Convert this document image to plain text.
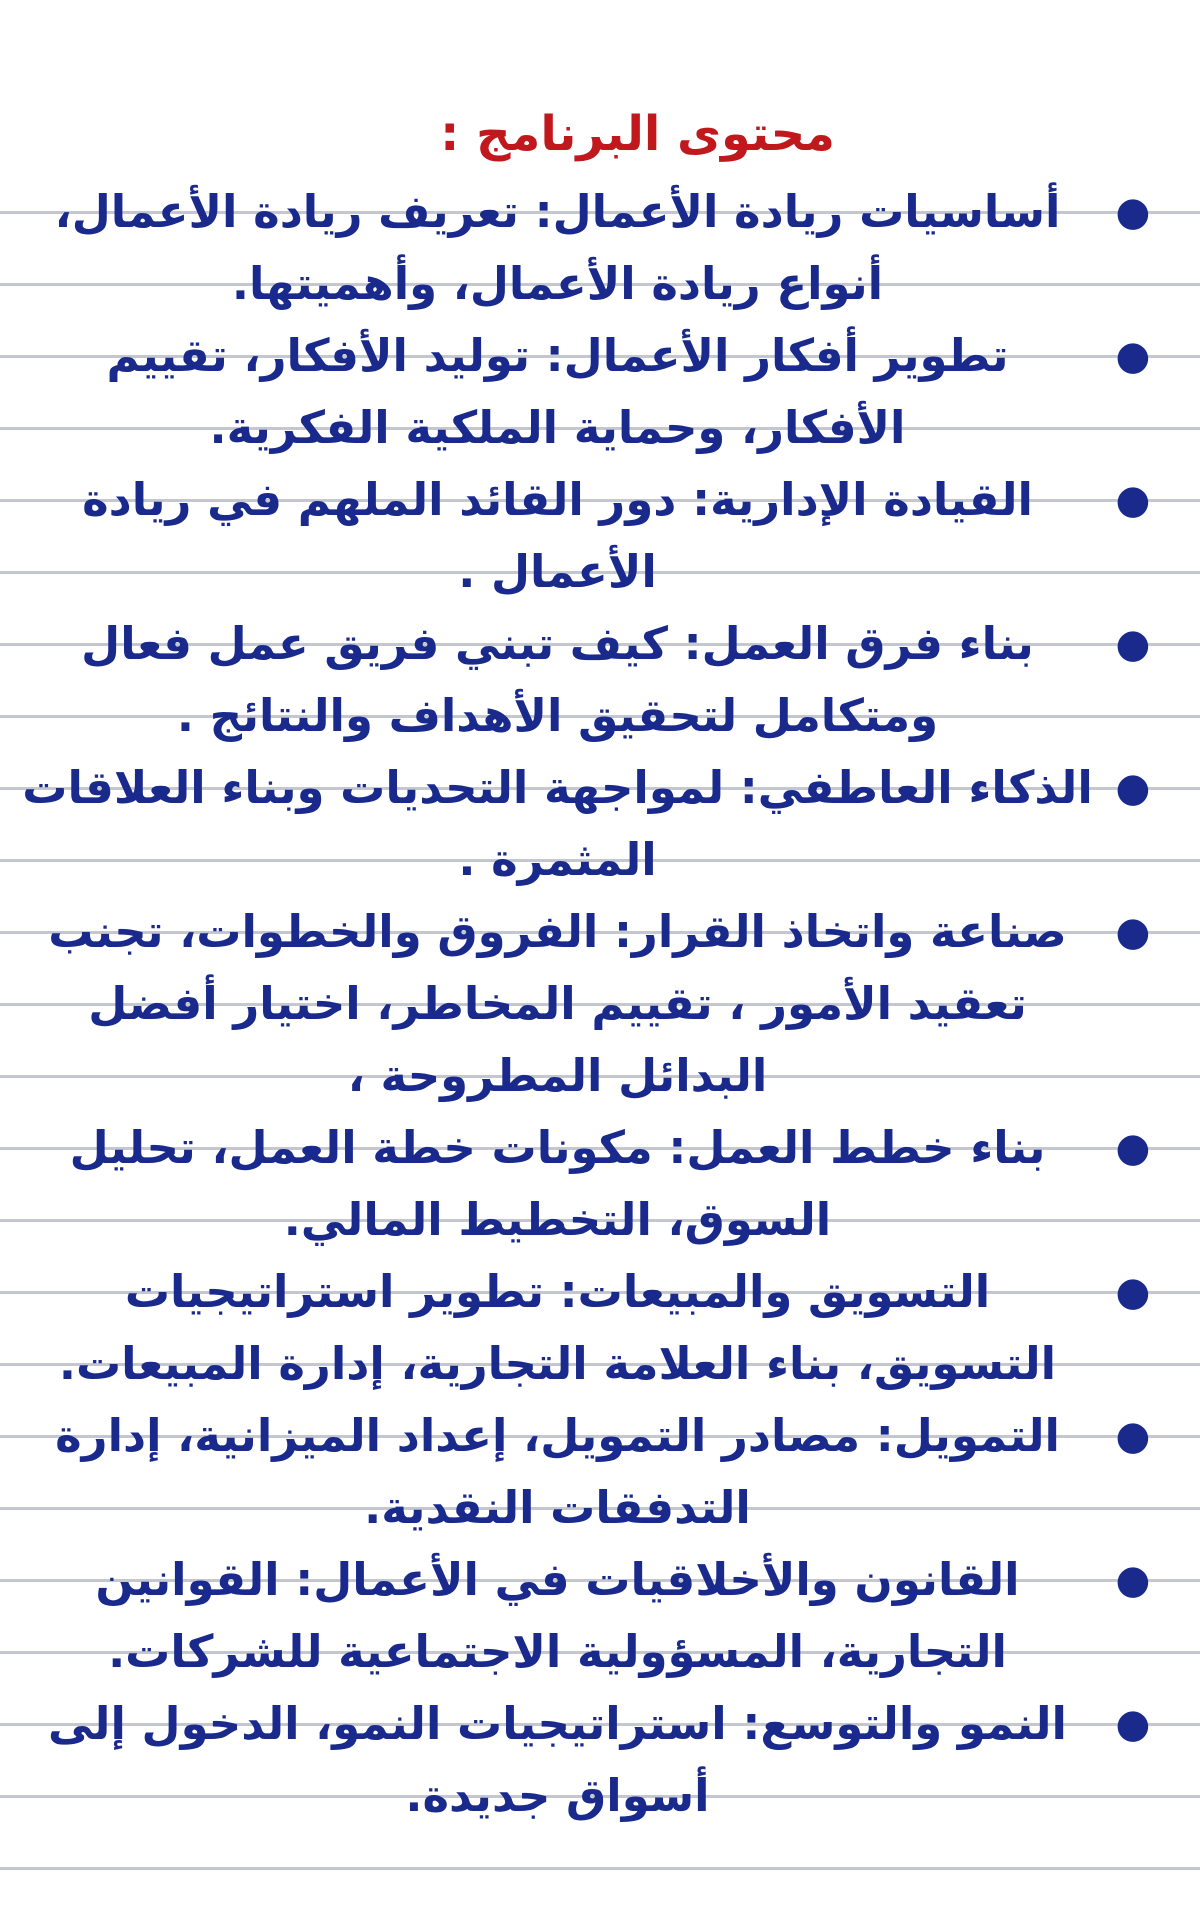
محتوى البرنامج :
●
أساسيات ريادة الأعمال: تعريف ريادة الأعمال، أنواع ريادة الأعمال، وأهميتها.
●
تطوير أفكار الأعمال: توليد الأفكار، تقييم الأفكار، وحماية الملكية الفكرية.
●
القيادة الإدارية: دور القائد الملهم في ريادة الأعمال .
●
بناء فرق العمل: كيف تبني فريق عمل فعال ومتكامل لتحقيق الأهداف والنتائج .
●
الذكاء العاطفي: لمواجهة التحديات وبناء العلاقات المثمرة .
●
صناعة واتخاذ القرار: الفروق والخطوات، تجنب تعقيد الأمور ، تقييم المخاطر، اختيار أفضل البدائل المطروحة ،
●
بناء خطط العمل: مكونات خطة العمل، تحليل السوق، التخطيط المالي.
●
التسويق والمبيعات: تطوير استراتيجيات التسويق، بناء العلامة التجارية، إدارة المبيعات.
●
التمويل: مصادر التمويل، إعداد الميزانية، إدارة التدفقات النقدية.
●
القانون والأخلاقيات في الأعمال: القوانين التجارية، المسؤولية الاجتماعية للشركات.
●
النمو والتوسع: استراتيجيات النمو، الدخول إلى أسواق جديدة.
